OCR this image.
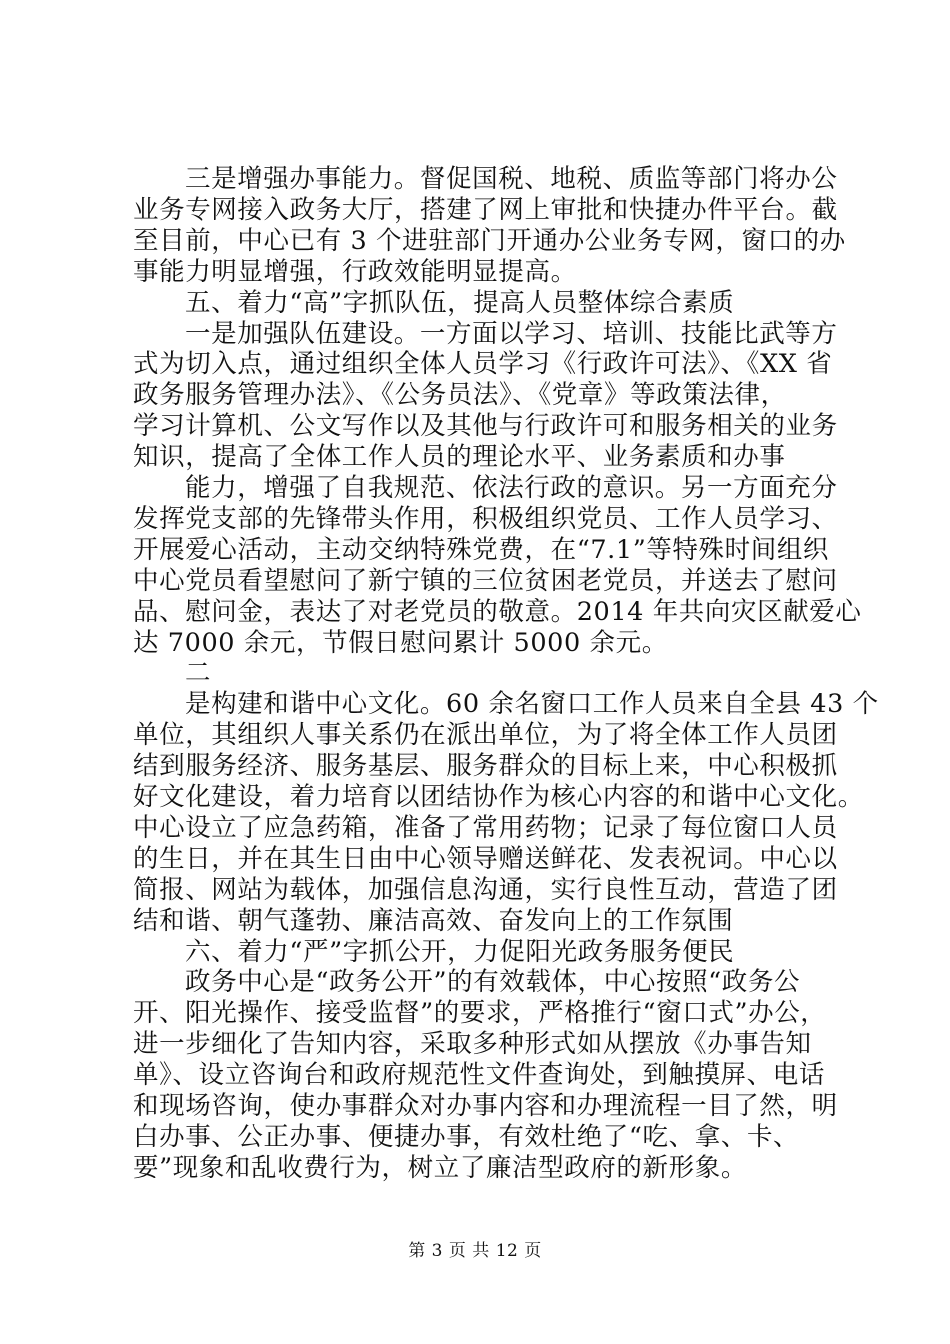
三是增强办事能力。督促国税、地税、质监等部门将办公
业务专网接入政务大厅，搭建了网上审批和快捷办件平台。截
至目前，中心已有 3 个进驻部门开通办公业务专网，窗口的办
事能力明显增强，行政效能明显提高。
五、着力“高”字抓队伍，提高人员整体综合素质
一是加强队伍建设。一方面以学习、培训、技能比武等方
式为切入点，通过组织全体人员学习《行政许可法》、《XX 省
政务服务管理办法》、《公务员法》、《党章》等政策法律，
学习计算机、公文写作以及其他与行政许可和服务相关的业务
知识，提高了全体工作人员的理论水平、业务素质和办事
能力，增强了自我规范、依法行政的意识。另一方面充分
发挥党支部的先锋带头作用，积极组织党员、工作人员学习、
开展爱心活动，主动交纳特殊党费，在“7.1”等特殊时间组织
中心党员看望慰问了新宁镇的三位贫困老党员，并送去了慰问
品、慰问金，表达了对老党员的敬意。2014 年共向灾区献爱心
达 7000 余元，节假日慰问累计 5000 余元。
二
是构建和谐中心文化。60 余名窗口工作人员来自全县 43 个
单位，其组织人事关系仍在派出单位，为了将全体工作人员团
结到服务经济、服务基层、服务群众的目标上来，中心积极抓
好文化建设，着力培育以团结协作为核心内容的和谐中心文化。
中心设立了应急药箱，准备了常用药物；记录了每位窗口人员
的生日，并在其生日由中心领导赠送鲜花、发表祝词。中心以
简报、网站为载体，加强信息沟通，实行良性互动，营造了团
结和谐、朝气蓬勃、廉洁高效、奋发向上的工作氛围
六、着力“严”字抓公开，力促阳光政务服务便民
政务中心是“政务公开”的有效载体，中心按照“政务公
开、阳光操作、接受监督”的要求，严格推行“窗口式”办公，
进一步细化了告知内容，采取多种形式如从摆放《办事告知
单》、设立咨询台和政府规范性文件查询处，到触摸屏、电话
和现场咨询，使办事群众对办事内容和办理流程一目了然，明
白办事、公正办事、便捷办事，有效杜绝了“吃、拿、卡、
要”现象和乱收费行为，树立了廉洁型政府的新形象。
第 3 页 共 12 页
